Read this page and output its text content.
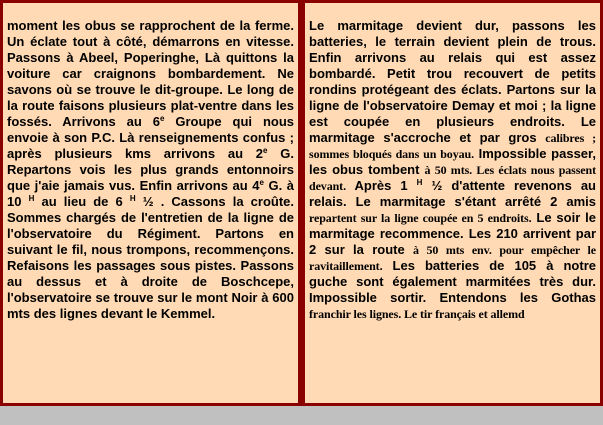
moment les obus se rapprochent de la ferme. Un éclate tout à côté, démarrons en vitesse. Passons à Abeel, Poperinghe, Là quittons la voiture car craignons bombardement. Ne savons où se trouve le dit-groupe. Le long de la route faisons plusieurs plat-ventre dans les fossés. Arrivons au 6e Groupe qui nous envoie à son P.C. Là renseignements confus ; après plusieurs kms arrivons au 2e G. Repartons vois les plus grands entonnoirs que j'aie jamais vus. Enfin arrivons au 4e G. à 10 $^H$ au lieu de 6 $^H$ ½ . Cassons la croûte. Sommes chargés de l'entretien de la ligne de l'observatoire du Régiment. Partons en suivant le fil, nous trompons, recommençons. Refaisons les passages sous pistes. Passons au dessus et à droite de Boschcepe, l'observatoire se trouve sur le mont Noir à 600 mts des lignes devant le Kemmel.

Le marmitage devient dur, passons les batteries, le terrain devient plein de trous. Enfin arrivons au relais qui est assez bombardé. Petit trou recouvert de petits rondins protégeant des éclats. Partons sur la ligne de l'observatoire Demay et moi ; la ligne est coupée en plusieurs endroits. Le marmitage s'accroche et par gros calibres ; sommes bloqués dans un boyau. Impossible passer, les obus tombent à 50 mts. Les éclats nous passent devant. Après 1 $^H$ ½ d'attente revenons au relais. Le marmitage s'étant arrêté 2 amis repartent sur la ligne coupée en 5 endroits. Le soir le marmitage recommence. Les 210 arrivent par 2 sur la route à 50 mts env. pour empêcher le ravitaillement. Les batteries de 105 à notre guche sont également marmitées très dur. Impossible sortir. Entendons les Gothas franchir les lignes. Le tir français et allemd
